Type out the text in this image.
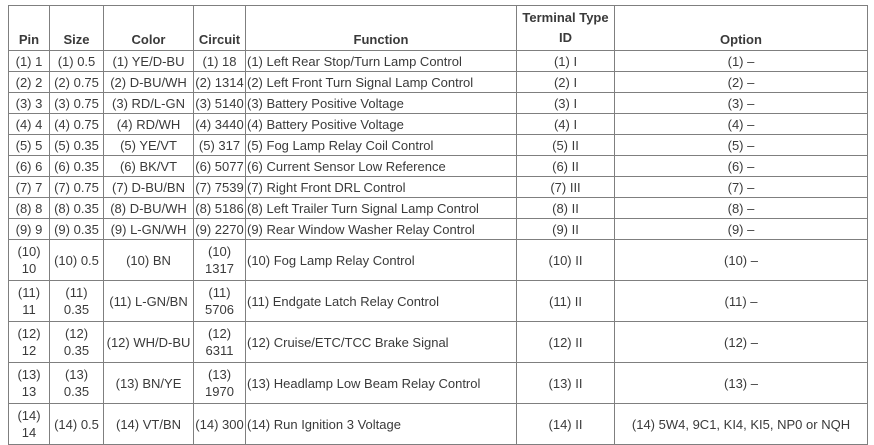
Pin	Size	Color	Circuit	Function	Terminal Type ID	Option
(1) 1	(1) 0.5	(1) YE/D-BU	(1) 18	(1) Left Rear Stop/Turn Lamp Control	(1) I	(1) –
(2) 2	(2) 0.75	(2) D-BU/WH	(2) 1314	(2) Left Front Turn Signal Lamp Control	(2) I	(2) –
(3) 3	(3) 0.75	(3) RD/L-GN	(3) 5140	(3) Battery Positive Voltage	(3) I	(3) –
(4) 4	(4) 0.75	(4) RD/WH	(4) 3440	(4) Battery Positive Voltage	(4) I	(4) –
(5) 5	(5) 0.35	(5) YE/VT	(5) 317	(5) Fog Lamp Relay Coil Control	(5) II	(5) –
(6) 6	(6) 0.35	(6) BK/VT	(6) 5077	(6) Current Sensor Low Reference	(6) II	(6) –
(7) 7	(7) 0.75	(7) D-BU/BN	(7) 7539	(7) Right Front DRL Control	(7) III	(7) –
(8) 8	(8) 0.35	(8) D-BU/WH	(8) 5186	(8) Left Trailer Turn Signal Lamp Control	(8) II	(8) –
(9) 9	(9) 0.35	(9) L-GN/WH	(9) 2270	(9) Rear Window Washer Relay Control	(9) II	(9) –
(10) 10	(10) 0.5	(10) BN	(10) 1317	(10) Fog Lamp Relay Control	(10) II	(10) –
(11) 11	(11) 0.35	(11) L-GN/BN	(11) 5706	(11) Endgate Latch Relay Control	(11) II	(11) –
(12) 12	(12) 0.35	(12) WH/D-BU	(12) 6311	(12) Cruise/ETC/TCC Brake Signal	(12) II	(12) –
(13) 13	(13) 0.35	(13) BN/YE	(13) 1970	(13) Headlamp Low Beam Relay Control	(13) II	(13) –
(14) 14	(14) 0.5	(14) VT/BN	(14) 300	(14) Run Ignition 3 Voltage	(14) II	(14) 5W4, 9C1, KI4, KI5, NP0 or NQH
